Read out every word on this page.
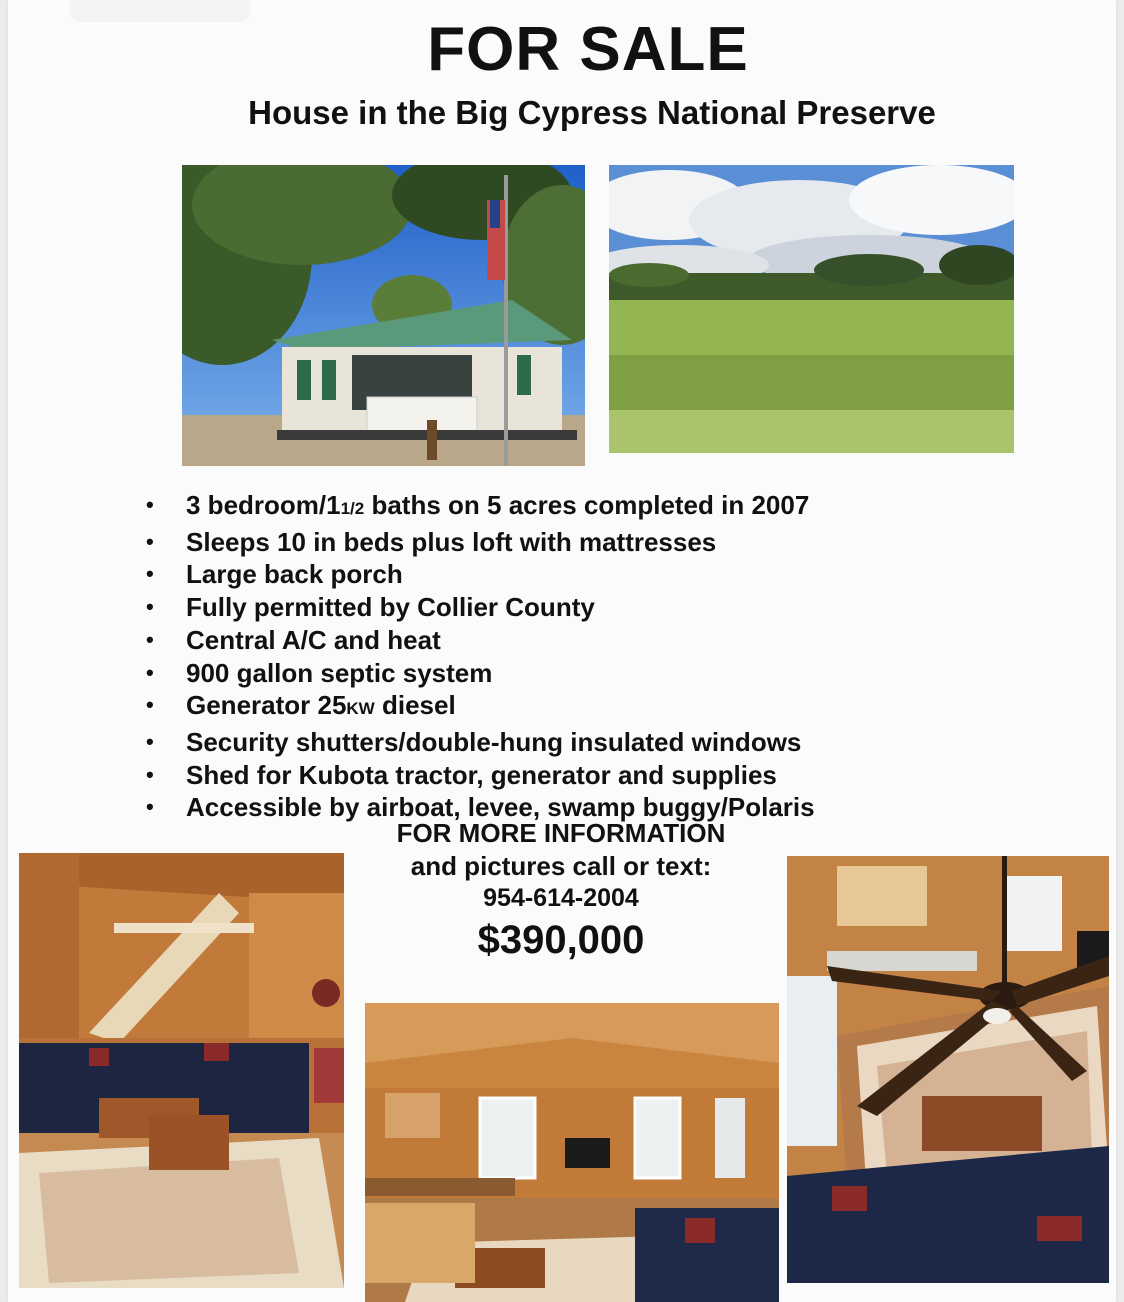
FOR SALE
House in the Big Cypress National Preserve
• 3 bedroom/11/2 baths on 5 acres completed in 2007
• Sleeps 10 in beds plus loft with mattresses
• Large back porch
• Fully permitted by Collier County
• Central A/C and heat
• 900 gallon septic system
• Generator 25KW diesel
• Security shutters/double-hung insulated windows
• Shed for Kubota tractor, generator and supplies
• Accessible by airboat, levee, swamp buggy/Polaris
FOR MORE INFORMATION
and pictures call or text:
954-614-2004
$390,000
